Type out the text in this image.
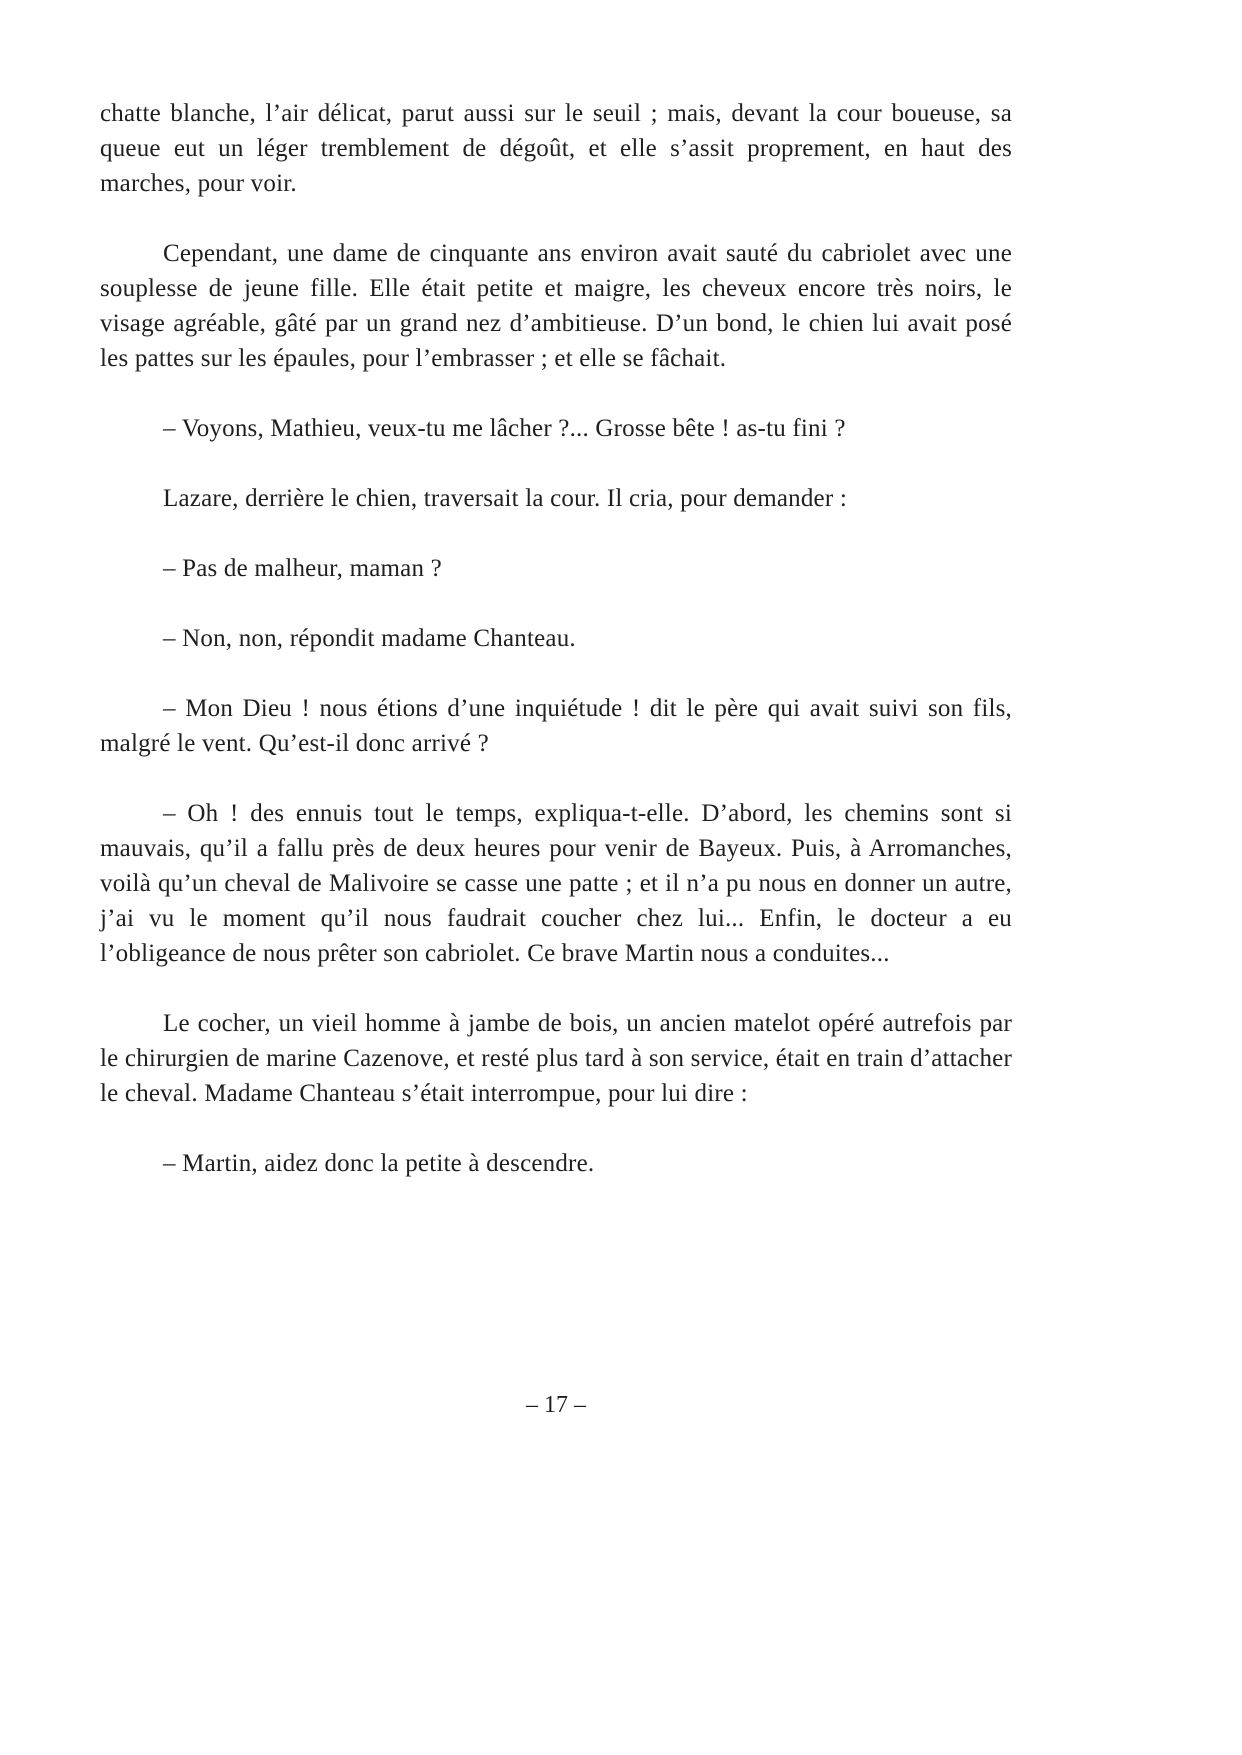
chatte blanche, l’air délicat, parut aussi sur le seuil ; mais, devant la cour boueuse, sa queue eut un léger tremblement de dégoût, et elle s’assit proprement, en haut des marches, pour voir.

Cependant, une dame de cinquante ans environ avait sauté du cabriolet avec une souplesse de jeune fille. Elle était petite et maigre, les cheveux encore très noirs, le visage agréable, gâté par un grand nez d’ambitieuse. D’un bond, le chien lui avait posé les pattes sur les épaules, pour l’embrasser ; et elle se fâchait.

– Voyons, Mathieu, veux-tu me lâcher ?... Grosse bête ! as-tu fini ?

Lazare, derrière le chien, traversait la cour. Il cria, pour demander :

– Pas de malheur, maman ?

– Non, non, répondit madame Chanteau.

– Mon Dieu ! nous étions d’une inquiétude ! dit le père qui avait suivi son fils, malgré le vent. Qu’est-il donc arrivé ?

– Oh ! des ennuis tout le temps, expliqua-t-elle. D’abord, les chemins sont si mauvais, qu’il a fallu près de deux heures pour venir de Bayeux. Puis, à Arromanches, voilà qu’un cheval de Malivoire se casse une patte ; et il n’a pu nous en donner un autre, j’ai vu le moment qu’il nous faudrait coucher chez lui... Enfin, le docteur a eu l’obligeance de nous prêter son cabriolet. Ce brave Martin nous a conduites...

Le cocher, un vieil homme à jambe de bois, un ancien matelot opéré autrefois par le chirurgien de marine Cazenove, et resté plus tard à son service, était en train d’attacher le cheval. Madame Chanteau s’était interrompue, pour lui dire :

– Martin, aidez donc la petite à descendre.

– 17 –
